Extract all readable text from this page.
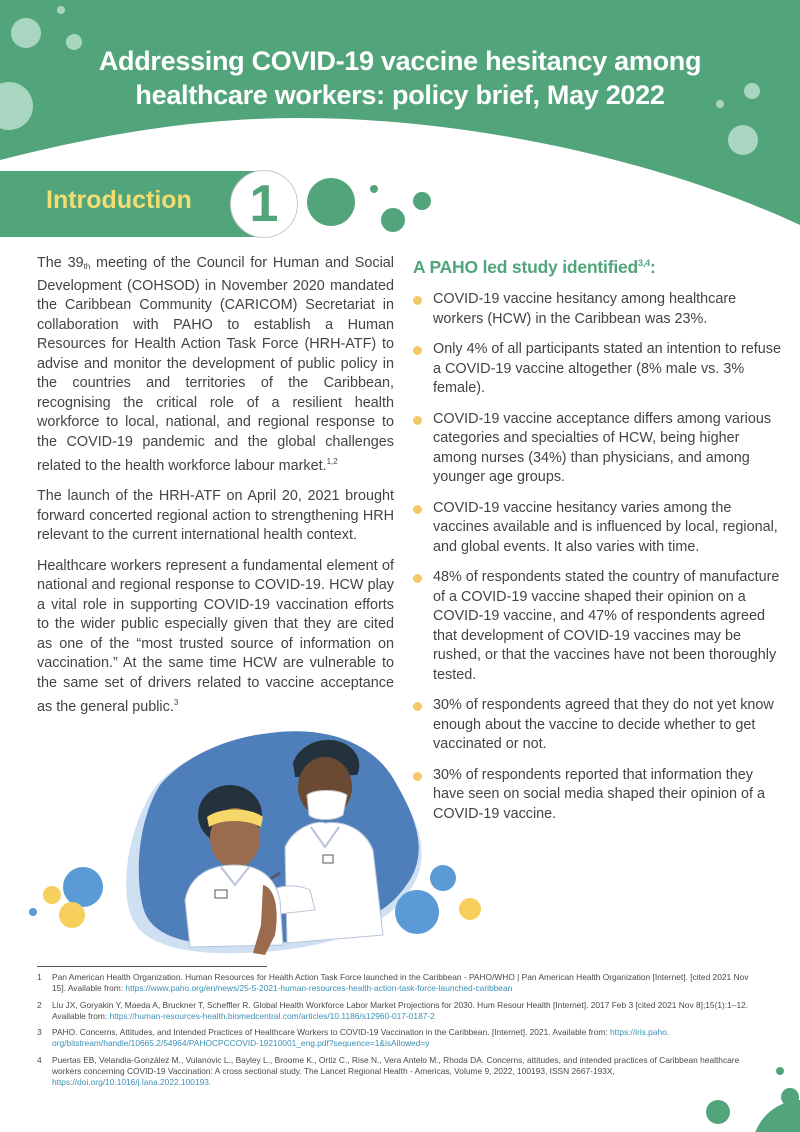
Addressing COVID-19 vaccine hesitancy among
healthcare workers: policy brief, May 2022
Introduction	1

The $39_{th}$ meeting of the Council for Human and Social Development (COHSOD) in November 2020 mandated the Caribbean Community (CARICOM) Secretariat in collaboration with PAHO to establish a Human Resources for Health Action Task Force (HRH-ATF) to advise and monitor the development of public policy in the countries and territories of the Caribbean, recognising the critical role of a resilient health workforce to local, national, and regional response to the COVID-19 pandemic and the global challenges related to the health workforce labour market.$^{1,2}$

The launch of the HRH-ATF on April 20, 2021 brought forward concerted regional action to strengthening HRH relevant to the current international health context.

Healthcare workers represent a fundamental element of national and regional response to COVID-19. HCW play a vital role in supporting COVID-19 vaccination efforts to the wider public especially given that they are cited as one of the “most trusted source of information on vaccination.” At the same time HCW are vulnerable to the same set of drivers related to vaccine acceptance as the general public.$^3$

A PAHO led study identified$^{3,4}$:
COVID-19 vaccine hesitancy among healthcare workers (HCW) in the Caribbean was 23%.
Only 4% of all participants stated an intention to refuse a COVID-19 vaccine altogether (8% male vs. 3% female).
COVID-19 vaccine acceptance differs among various categories and specialties of HCW, being higher among nurses (34%) than physicians, and among younger age groups.
COVID-19 vaccine hesitancy varies among the vaccines available and is influenced by local, regional, and global events. It also varies with time.
48% of respondents stated the country of manufacture of a COVID-19 vaccine shaped their opinion on a COVID-19 vaccine, and 47% of respondents agreed that development of COVID-19 vaccines may be rushed, or that the vaccines have not been thoroughly tested.
30% of respondents agreed that they do not yet know enough about the vaccine to decide whether to get vaccinated or not.
30% of respondents reported that information they have seen on social media shaped their opinion of a COVID-19 vaccine.
1 Pan American Health Organization. Human Resources for Health Action Task Force launched in the Caribbean - PAHO/WHO | Pan American Health Organization [Internet]. [cited 2021 Nov 15]. Available from: https://www.paho.org/en/news/25-5-2021-human-resources-health-action-task-force-launched-caribbean
2 Liu JX, Goryakin Y, Maeda A, Bruckner T, Scheffler R. Global Health Workforce Labor Market Projections for 2030. Hum Resour Health [Internet]. 2017 Feb 3 [cited 2021 Nov 8];15(1):1–12. Available from: https://human-resources-health.biomedcentral.com/articles/10.1186/s12960-017-0187-2
3 PAHO. Concerns, Attitudes, and Intended Practices of Healthcare Workers to COVID-19 Vaccination in the Caribbean. [Internet]. 2021. Available from: https://iris.paho. org/bitstream/handle/10665.2/54964/PAHOCPCCOVID-19210001_eng.pdf?sequence=1&isAllowed=y
4 Puertas EB, Velandia-González M., Vulanovic L., Bayley L., Broome K., Ortiz C., Rise N., Vera Antelo M., Rhoda DA. Concerns, attitudes, and intended practices of Caribbean healthcare workers concerning COVID-19 Vaccination: A cross sectional study. The Lancet Regional Health - Americas, Volume 9, 2022, 100193, ISSN 2667-193X, https://doi.org/10.1016/j.lana.2022.100193.
